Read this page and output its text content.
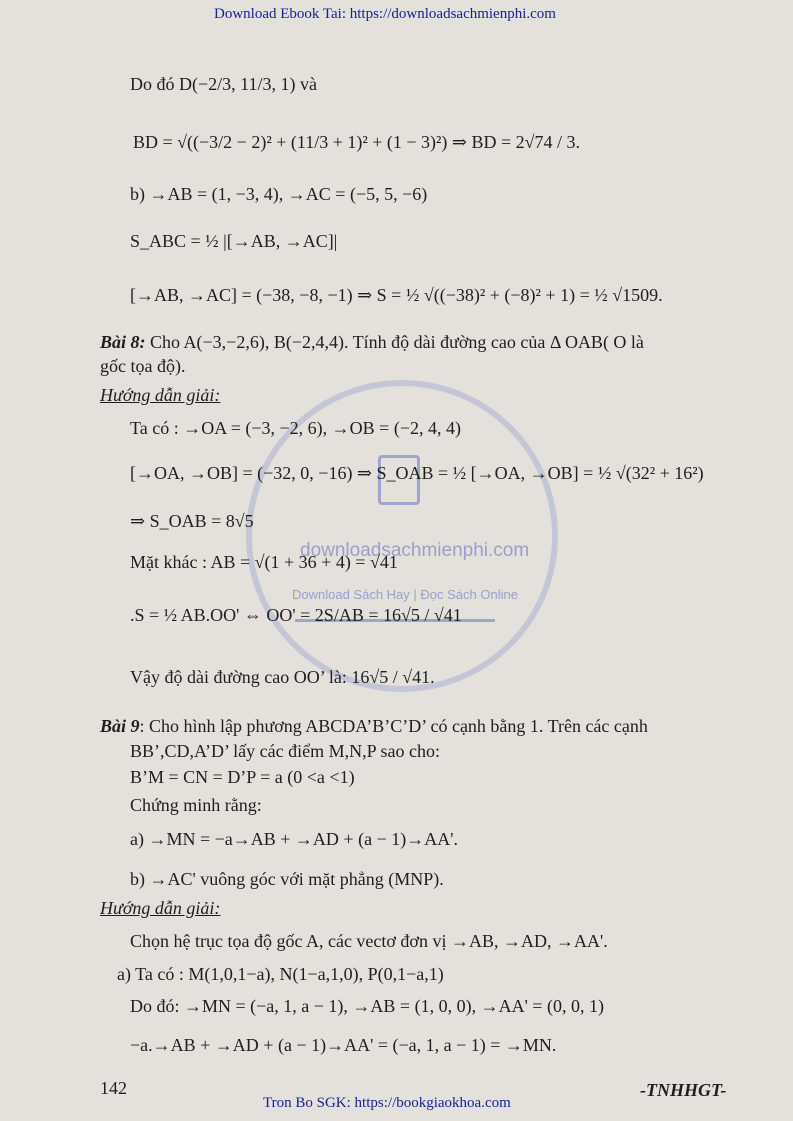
downloadsachmienphi.com
Download Sách Hay | Đọc Sách Online
Download Ebook Tai: https://downloadsachmienphi.com
Do đó D(−2/3, 11/3, 1) và
BD = √((−3/2 − 2)² + (11/3 + 1)² + (1 − 3)²) ⇒ BD = 2√74 / 3.
b) →AB = (1, −3, 4), →AC = (−5, 5, −6)
S_ABC = ½ |[→AB, →AC]|
[→AB, →AC] = (−38, −8, −1) ⇒ S = ½ √((−38)² + (−8)² + 1) = ½ √1509.
Bài 8: Cho A(−3,−2,6), B(−2,4,4). Tính độ dài đường cao của Δ OAB( O là
gốc tọa độ).
Hướng dẫn giải:
Ta có : →OA = (−3, −2, 6), →OB = (−2, 4, 4)
[→OA, →OB] = (−32, 0, −16) ⇒ S_OAB = ½ [→OA, →OB] = ½ √(32² + 16²)
⇒ S_OAB = 8√5
Mặt khác : AB = √(1 + 36 + 4) = √41
.S = ½ AB.OO' ⇔ OO' = 2S/AB = 16√5 / √41
Vậy độ dài đường cao OO’ là: 16√5 / √41.
Bài 9: Cho hình lập phương ABCDA’B’C’D’ có cạnh bằng 1. Trên các cạnh
BB’,CD,A’D’ lấy các điểm M,N,P sao cho:
B’M = CN = D’P = a (0 <a <1)
Chứng minh rằng:
a) →MN = −a→AB + →AD + (a − 1)→AA'.
b) →AC' vuông góc với mặt phẳng (MNP).
Hướng dẫn giải:
Chọn hệ trục tọa độ gốc A, các vectơ đơn vị →AB, →AD, →AA'.
a) Ta có : M(1,0,1−a), N(1−a,1,0), P(0,1−a,1)
Do đó: →MN = (−a, 1, a − 1), →AB = (1, 0, 0), →AA' = (0, 0, 1)
−a.→AB + →AD + (a − 1)→AA' = (−a, 1, a − 1) = →MN.
142	-TNHHGT-
Tron Bo SGK: https://bookgiaokhoa.com
